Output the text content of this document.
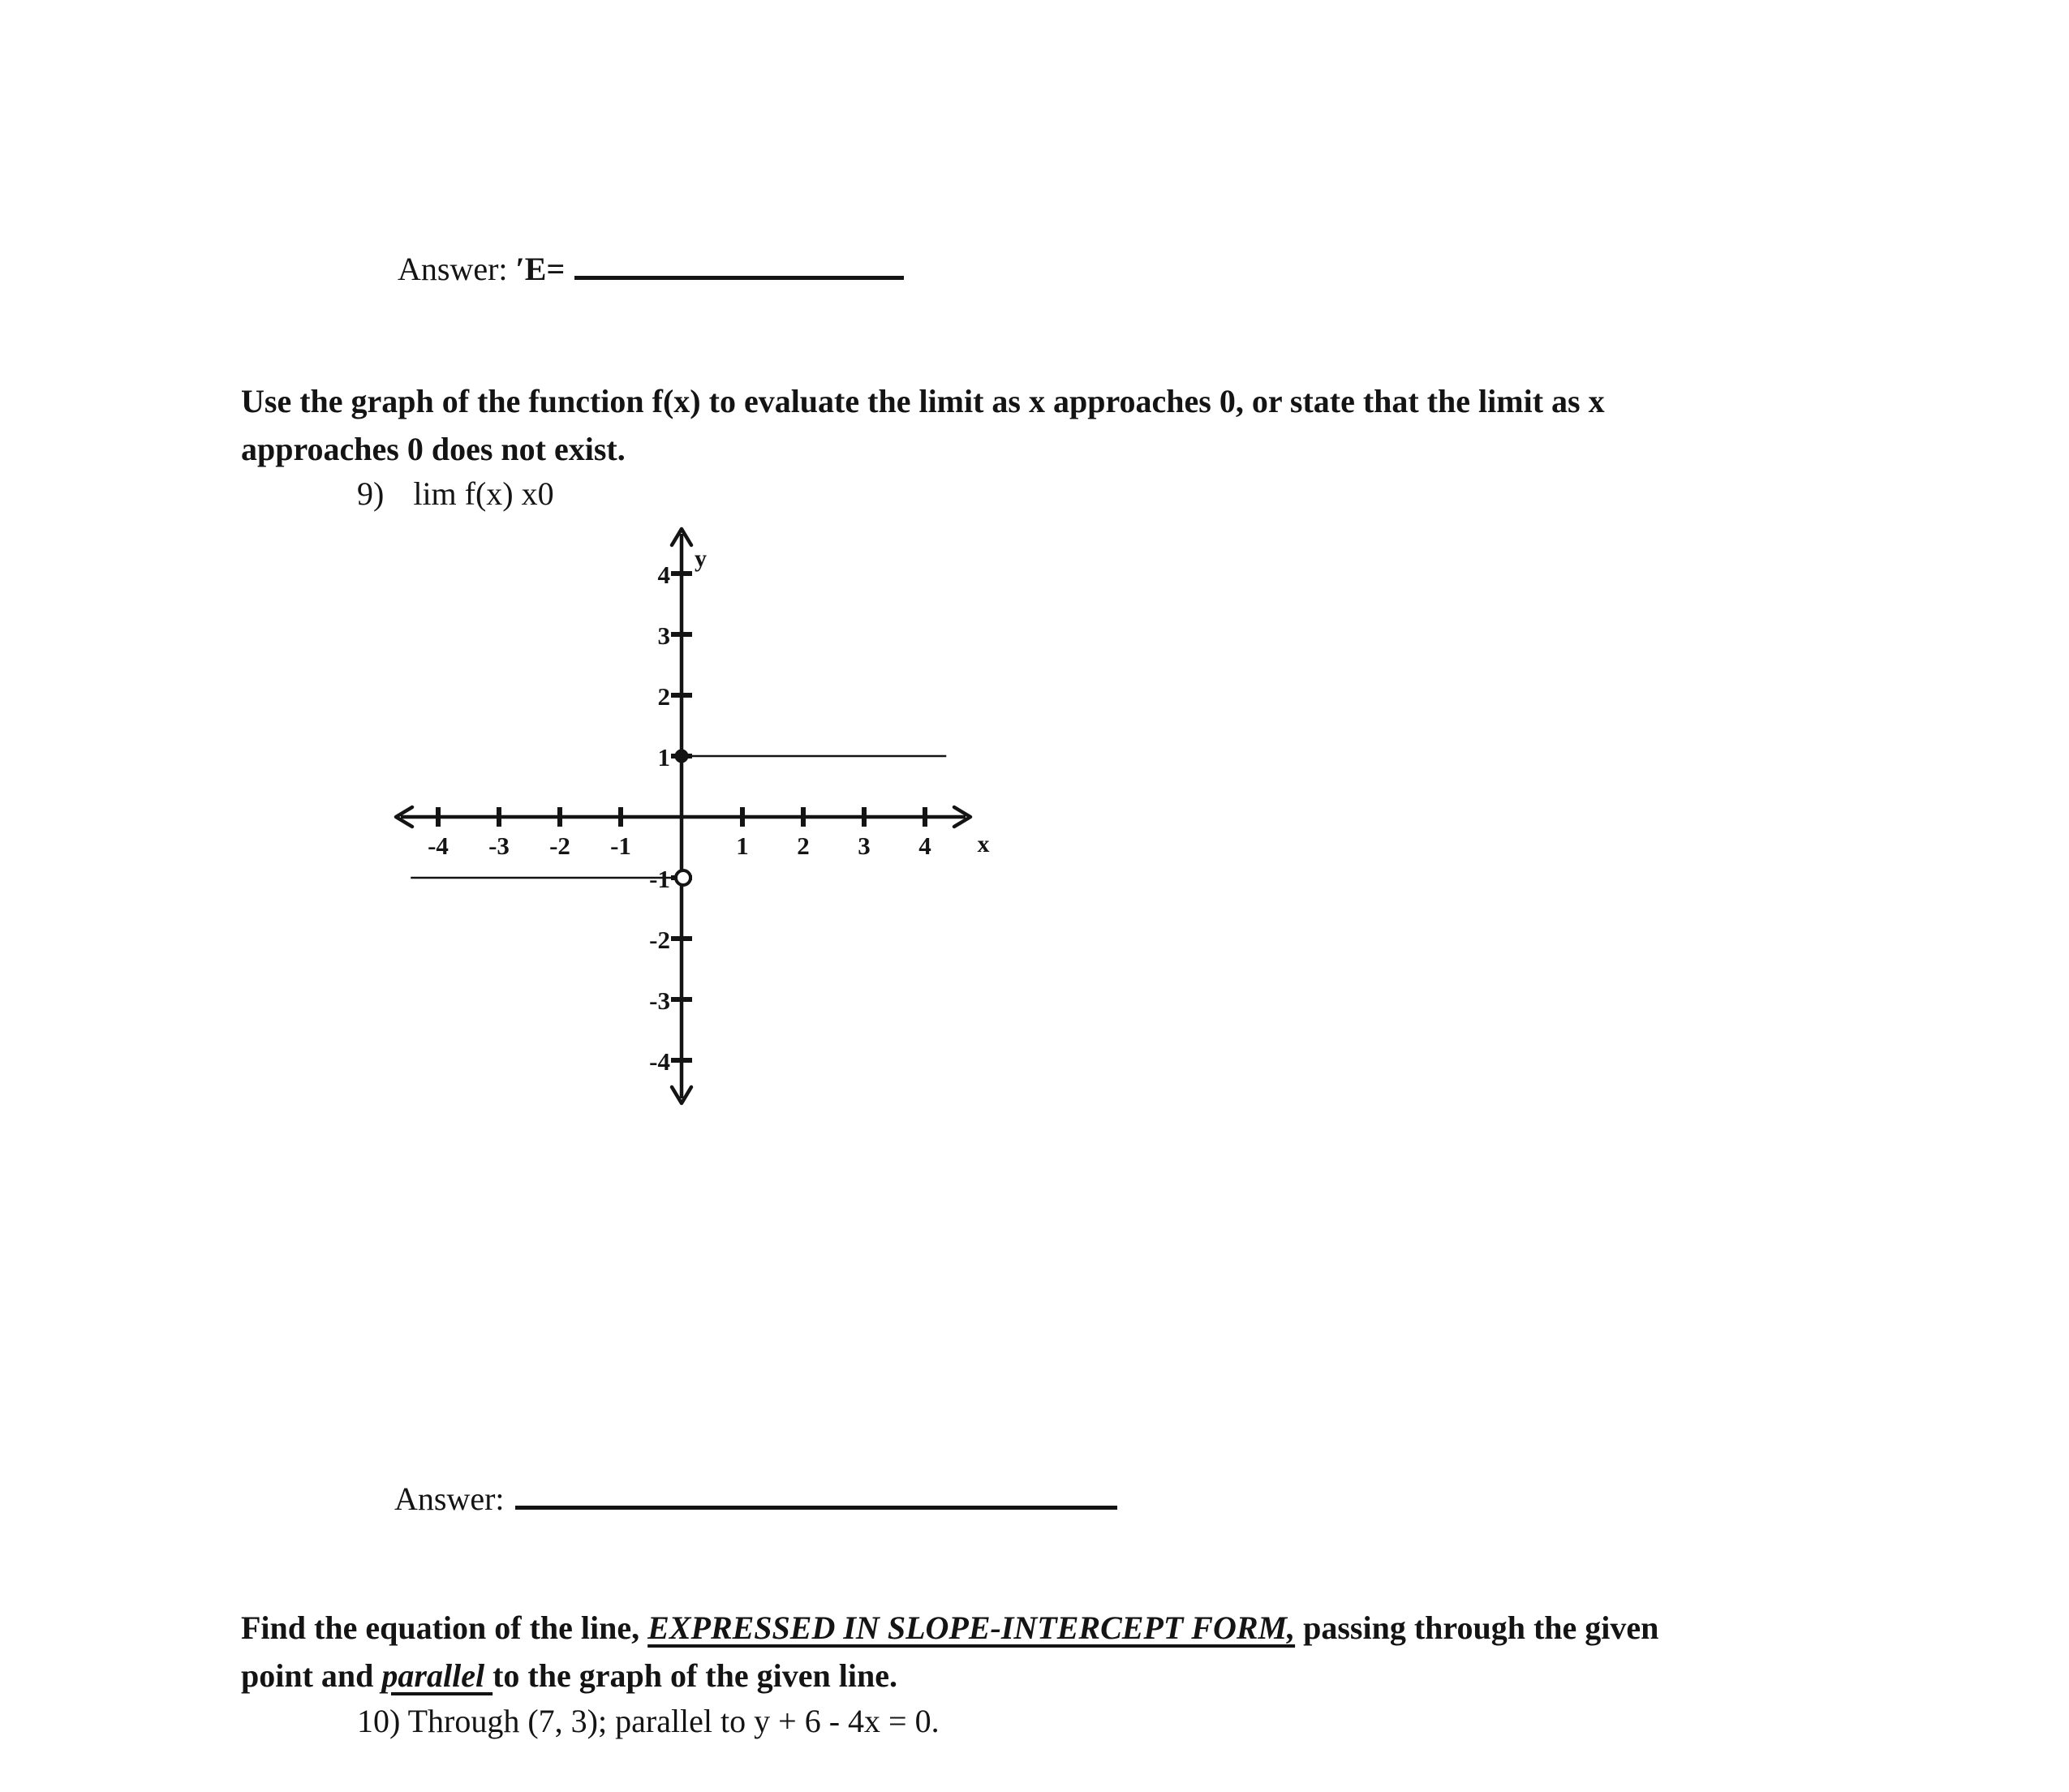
Answer: ′E=
Use the graph of the function f(x) to evaluate the limit as x approaches 0, or state that the limit as x
approaches 0 does not exist.
9) lim f(x) x0
-4 -3 -2 -1	1 2 3 4
4
3
2
1
-1
-2
-3
-4
x
y
Answer:
Find the equation of the line, EXPRESSED IN SLOPE-INTERCEPT FORM, passing through the given
point and parallel to the graph of the given line.
10) Through (7, 3); parallel to y + 6 - 4x = 0.
